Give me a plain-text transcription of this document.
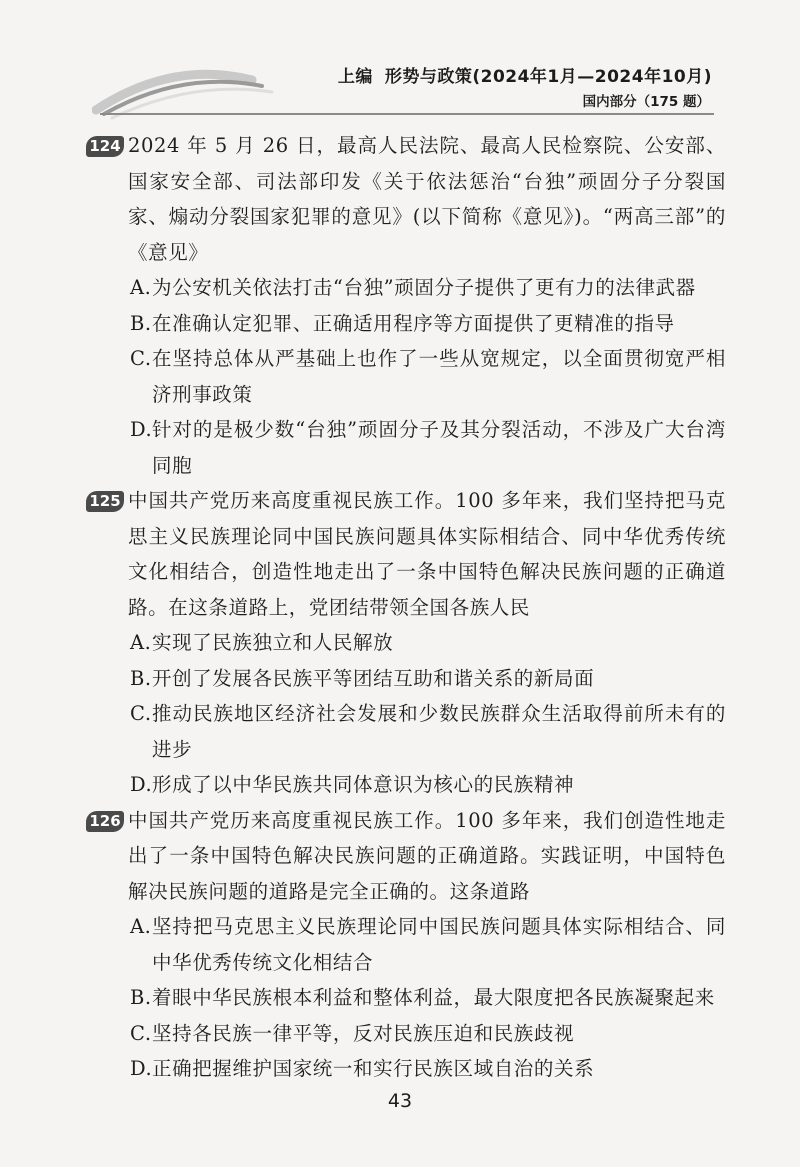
上编 形势与政策(2024年1月—2024年10月)
国内部分（175 题）
124 2024 年 5 月 26 日，最高人民法院、最高人民检察院、公安部、国家安全部、司法部印发《关于依法惩治“台独”顽固分子分裂国家、煽动分裂国家犯罪的意见》(以下简称《意见》)。“两高三部”的《意见》
A. 为公安机关依法打击“台独”顽固分子提供了更有力的法律武器
B. 在准确认定犯罪、正确适用程序等方面提供了更精准的指导
C. 在坚持总体从严基础上也作了一些从宽规定，以全面贯彻宽严相济刑事政策
D. 针对的是极少数“台独”顽固分子及其分裂活动，不涉及广大台湾同胞
125 中国共产党历来高度重视民族工作。100 多年来，我们坚持把马克思主义民族理论同中国民族问题具体实际相结合、同中华优秀传统文化相结合，创造性地走出了一条中国特色解决民族问题的正确道路。在这条道路上，党团结带领全国各族人民
A. 实现了民族独立和人民解放
B. 开创了发展各民族平等团结互助和谐关系的新局面
C. 推动民族地区经济社会发展和少数民族群众生活取得前所未有的进步
D. 形成了以中华民族共同体意识为核心的民族精神
126 中国共产党历来高度重视民族工作。100 多年来，我们创造性地走出了一条中国特色解决民族问题的正确道路。实践证明，中国特色解决民族问题的道路是完全正确的。这条道路
A. 坚持把马克思主义民族理论同中国民族问题具体实际相结合、同中华优秀传统文化相结合
B. 着眼中华民族根本利益和整体利益，最大限度把各民族凝聚起来
C. 坚持各民族一律平等，反对民族压迫和民族歧视
D. 正确把握维护国家统一和实行民族区域自治的关系
43
